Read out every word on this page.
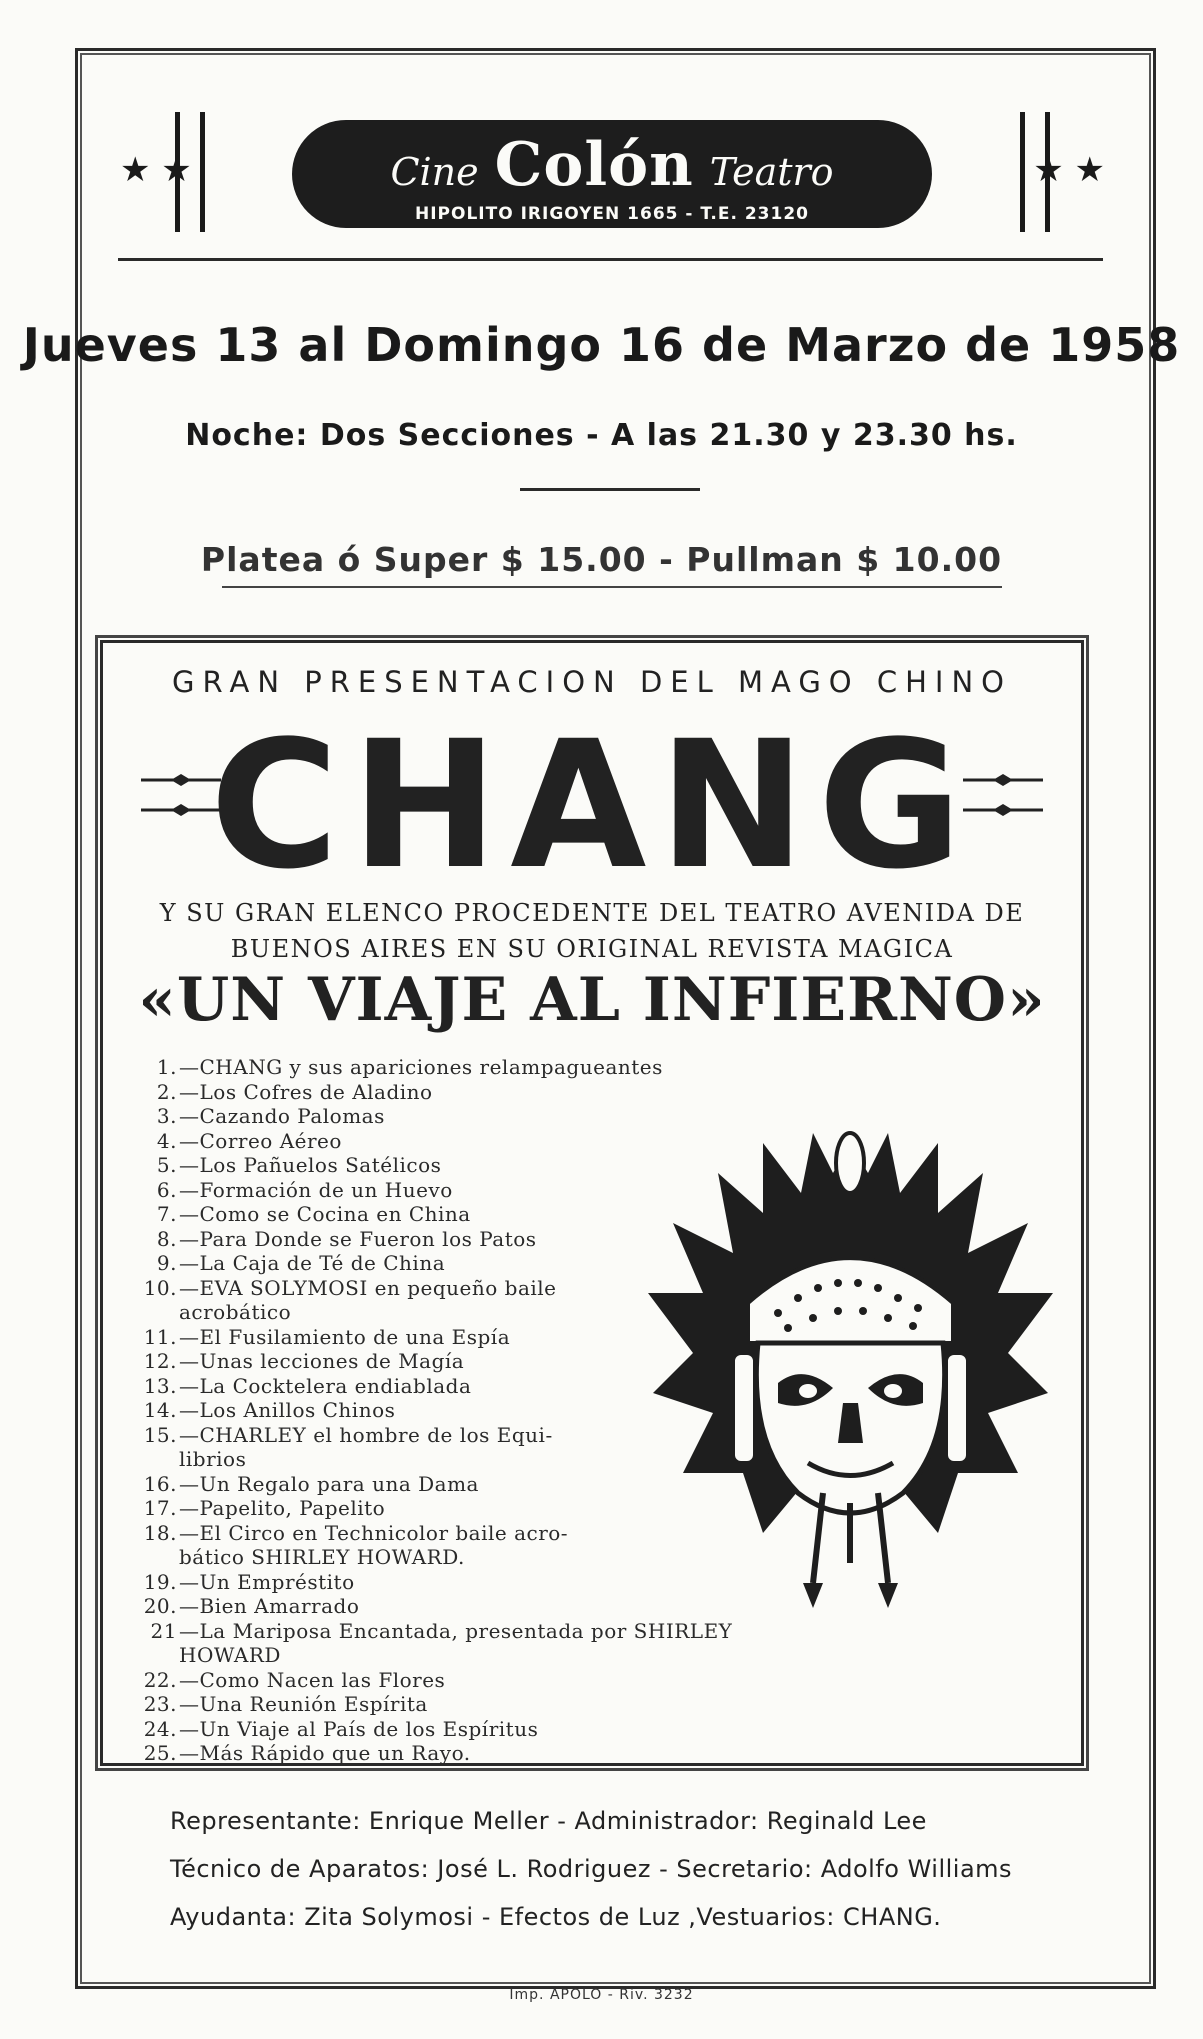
★ ★	Cine Colón Teatro
HIPOLITO IRIGOYEN 1665 - T.E. 23120
★ ★
Jueves 13 al Domingo 16 de Marzo de 1958
Noche: Dos Secciones - A las 21.30 y 23.30 hs.
Platea ó Super $ 15.00 - Pullman $ 10.00
GRAN PRESENTACION DEL MAGO CHINO
CHANG
Y SU GRAN ELENCO PROCEDENTE DEL TEATRO AVENIDA DE
BUENOS AIRES EN SU ORIGINAL REVISTA MAGICA
«UN VIAJE AL INFIERNO»
1. —CHANG y sus apariciones relampagueantes
2. —Los Cofres de Aladino
3. —Cazando Palomas
4. —Correo Aéreo
5. —Los Pañuelos Satélicos
6. —Formación de un Huevo
7. —Como se Cocina en China
8. —Para Donde se Fueron los Patos
9. —La Caja de Té de China
10. —EVA SOLYMOSI en pequeño baile
acrobático
11. —El Fusilamiento de una Espía
12. —Unas lecciones de Magía
13. —La Cocktelera endiablada
14. —Los Anillos Chinos
15. —CHARLEY el hombre de los Equi-
librios
16. —Un Regalo para una Dama
17. —Papelito, Papelito
18. —El Circo en Technicolor baile acro-
bático SHIRLEY HOWARD.
19. —Un Empréstito
20. —Bien Amarrado
21 —La Mariposa Encantada, presentada por SHIRLEY HOWARD
22. —Como Nacen las Flores
23. —Una Reunión Espírita
24. —Un Viaje al País de los Espíritus
25. —Más Rápido que un Rayo.
Representante: Enrique Meller - Administrador: Reginald Lee
Técnico de Aparatos: José L. Rodriguez - Secretario: Adolfo Williams
Ayudanta: Zita Solymosi - Efectos de Luz ,Vestuarios: CHANG.
Imp. APOLO - Riv. 3232
